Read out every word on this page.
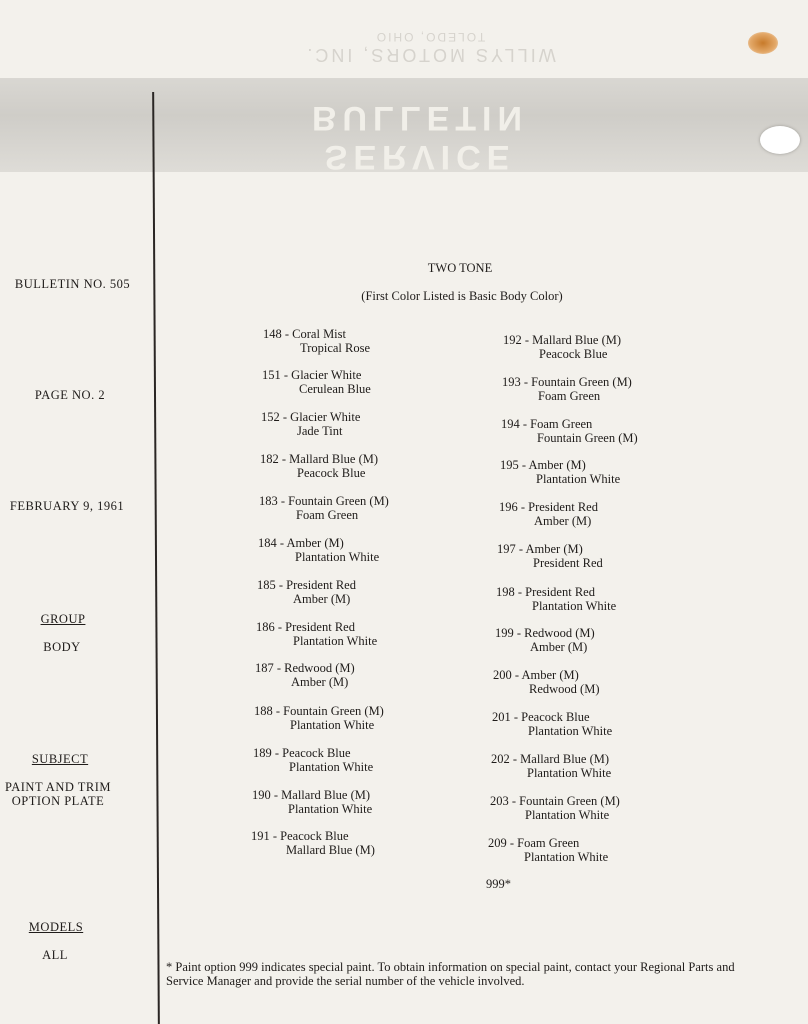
SERVICE BULLETIN
WILLYS MOTORS, INC.
TOLEDO, OHIO
BULLETIN NO. 505
PAGE NO. 2
FEBRUARY 9, 1961
GROUP
BODY
SUBJECT
PAINT AND TRIM
OPTION PLATE
MODELS
ALL
TWO TONE
(First Color Listed is Basic Body Color)
148 - Coral Mist
Tropical Rose
151 - Glacier White
Cerulean Blue
152 - Glacier White
Jade Tint
182 - Mallard Blue (M)
Peacock Blue
183 - Fountain Green (M)
Foam Green
184 - Amber (M)
Plantation White
185 - President Red
Amber (M)
186 - President Red
Plantation White
187 - Redwood (M)
Amber (M)
188 - Fountain Green (M)
Plantation White
189 - Peacock Blue
Plantation White
190 - Mallard Blue (M)
Plantation White
191 - Peacock Blue
Mallard Blue (M)
192 - Mallard Blue (M)
Peacock Blue
193 - Fountain Green (M)
Foam Green
194 - Foam Green
Fountain Green (M)
195 - Amber (M)
Plantation White
196 - President Red
Amber (M)
197 - Amber (M)
President Red
198 - President Red
Plantation White
199 - Redwood (M)
Amber (M)
200 - Amber (M)
Redwood (M)
201 - Peacock Blue
Plantation White
202 - Mallard Blue (M)
Plantation White
203 - Fountain Green (M)
Plantation White
209 - Foam Green
Plantation White
999*
* Paint option 999 indicates special paint. To obtain information on special paint, contact your Regional Parts and Service Manager and provide the serial number of the vehicle involved.
